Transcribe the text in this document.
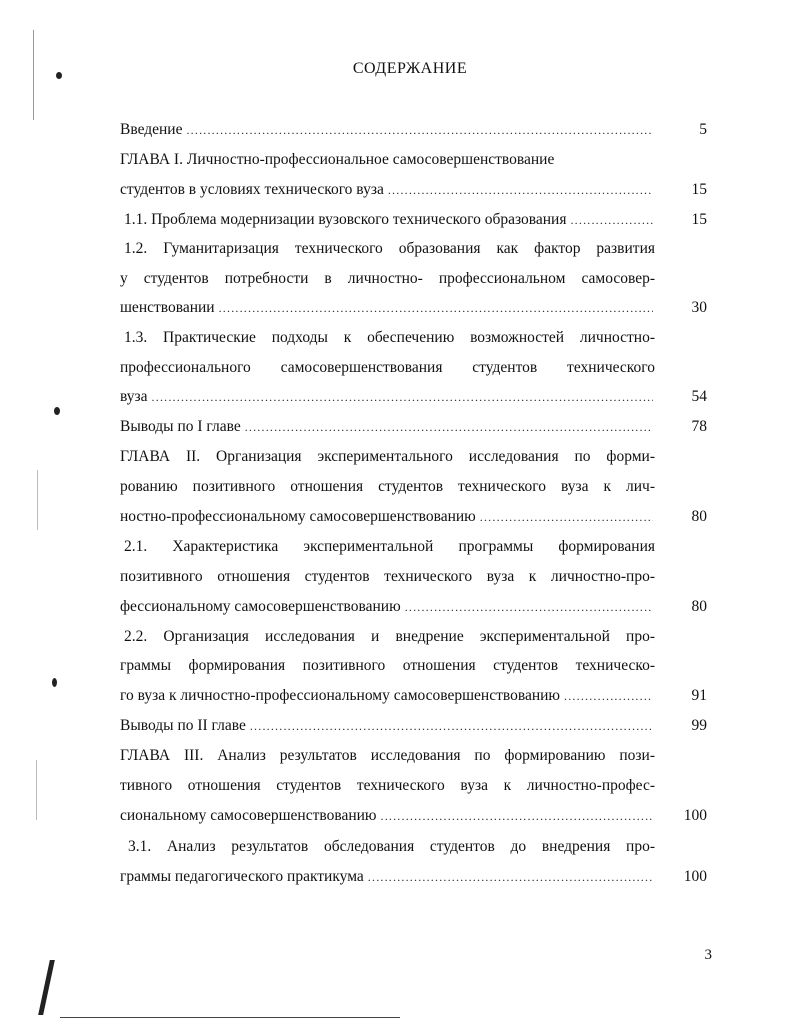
СОДЕРЖАНИЕ
Введение .....	5
ГЛАВА I. Личностно-профессиональное самосовершенствование
студентов в условиях технического вуза .....	15
1.1. Проблема модернизации вузовского технического образования .....	15
1.2. Гуманитаризация технического образования как фактор развития
у студентов потребности в личностно- профессиональном самосовер-
шенствовании .....	30
1.3. Практические подходы к обеспечению возможностей личностно-
профессионального самосовершенствования студентов технического
вуза .....	54
Выводы по I главе .....	78
ГЛАВА II. Организация экспериментального исследования по форми-
рованию позитивного отношения студентов технического вуза к лич-
ностно-профессиональному самосовершенствованию .....	80
2.1. Характеристика экспериментальной программы формирования
позитивного отношения студентов технического вуза к личностно-про-
фессиональному самосовершенствованию .....	80
2.2. Организация исследования и внедрение экспериментальной про-
граммы формирования позитивного отношения студентов техническо-
го вуза к личностно-профессиональному самосовершенствованию .....	91
Выводы по II главе .....	99
ГЛАВА III. Анализ результатов исследования по формированию пози-
тивного отношения студентов технического вуза к личностно-профес-
сиональному самосовершенствованию .....	100
3.1. Анализ результатов обследования студентов до внедрения про-
граммы педагогического практикума .....	100
3
